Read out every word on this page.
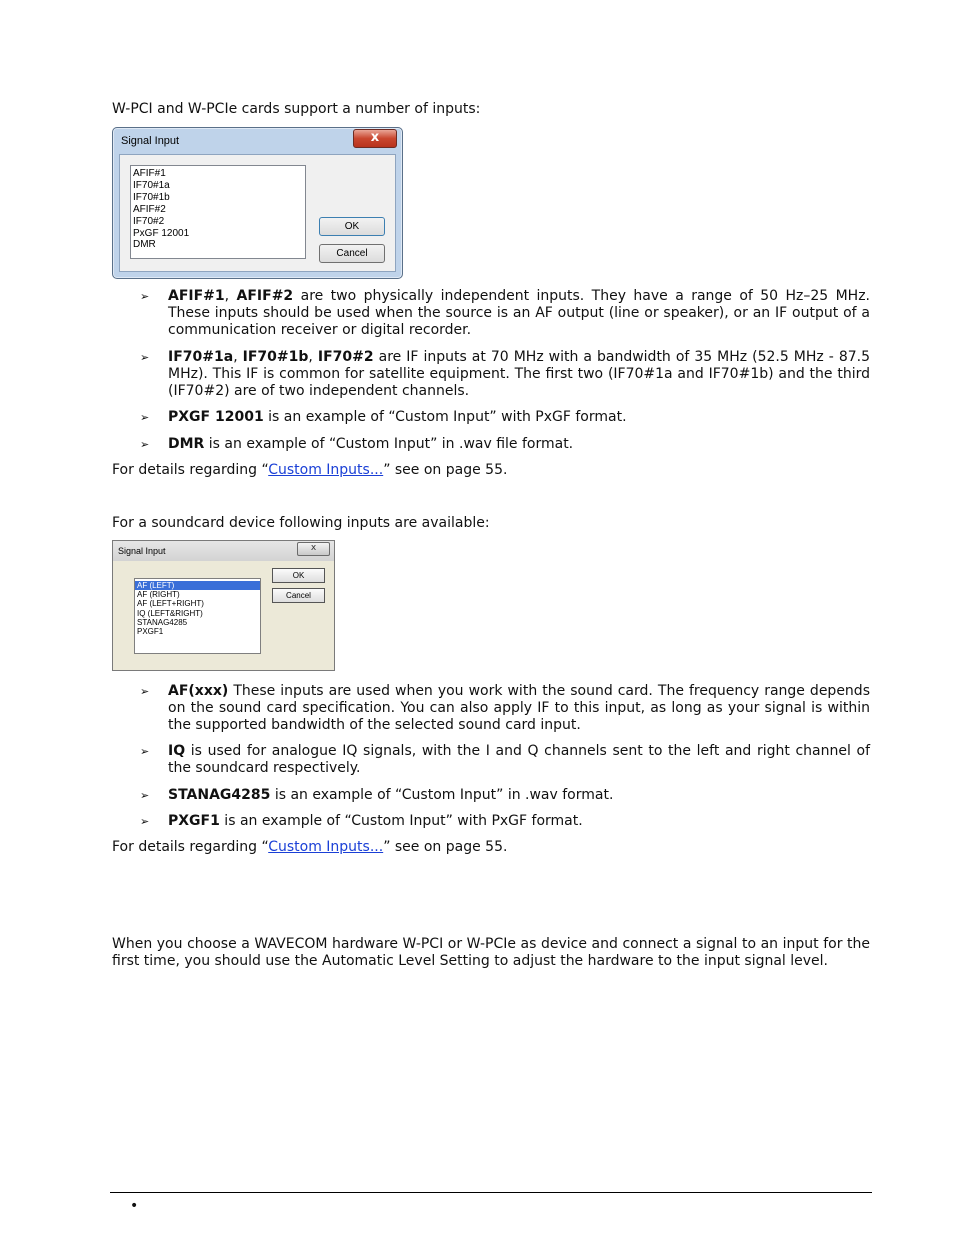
W-PCI and W-PCIe cards support a number of inputs:

Signal Input	x
AFIF#1
IF70#1a
IF70#1b
AFIF#2
IF70#2
PxGF 12001
DMR
OK
Cancel
➢ AFIF#1, AFIF#2 are two physically independent inputs. They have a range of 50 Hz–25 MHz. These inputs should be used when the source is an AF output (line or speaker), or an IF output of a communication receiver or digital recorder.
➢ IF70#1a, IF70#1b, IF70#2 are IF inputs at 70 MHz with a bandwidth of 35 MHz (52.5 MHz - 87.5 MHz). This IF is common for satellite equipment. The first two (IF70#1a and IF70#1b) and the third (IF70#2) are of two independent channels.
➢ PXGF 12001 is an example of “Custom Input” with PxGF format.
➢ DMR is an example of “Custom Input” in .wav file format.

For details regarding “Custom Inputs...” see on page 55.

For a soundcard device following inputs are available:

Signal Input	x
AF (LEFT)
AF (RIGHT)
AF (LEFT+RIGHT)
IQ (LEFT&RIGHT)
STANAG4285
PXGF1
OK
Cancel
➢ AF(xxx) These inputs are used when you work with the sound card. The frequency range depends on the sound card specification. You can also apply IF to this input, as long as your signal is within the supported bandwidth of the selected sound card input.
➢ IQ is used for analogue IQ signals, with the I and Q channels sent to the left and right channel of the soundcard respectively.
➢ STANAG4285 is an example of “Custom Input” in .wav format.
➢ PXGF1 is an example of “Custom Input” with PxGF format.

For details regarding “Custom Inputs...” see on page 55.

When you choose a WAVECOM hardware W-PCI or W-PCIe as device and connect a signal to an input for the first time, you should use the Automatic Level Setting to adjust the hardware to the input signal level.

•
